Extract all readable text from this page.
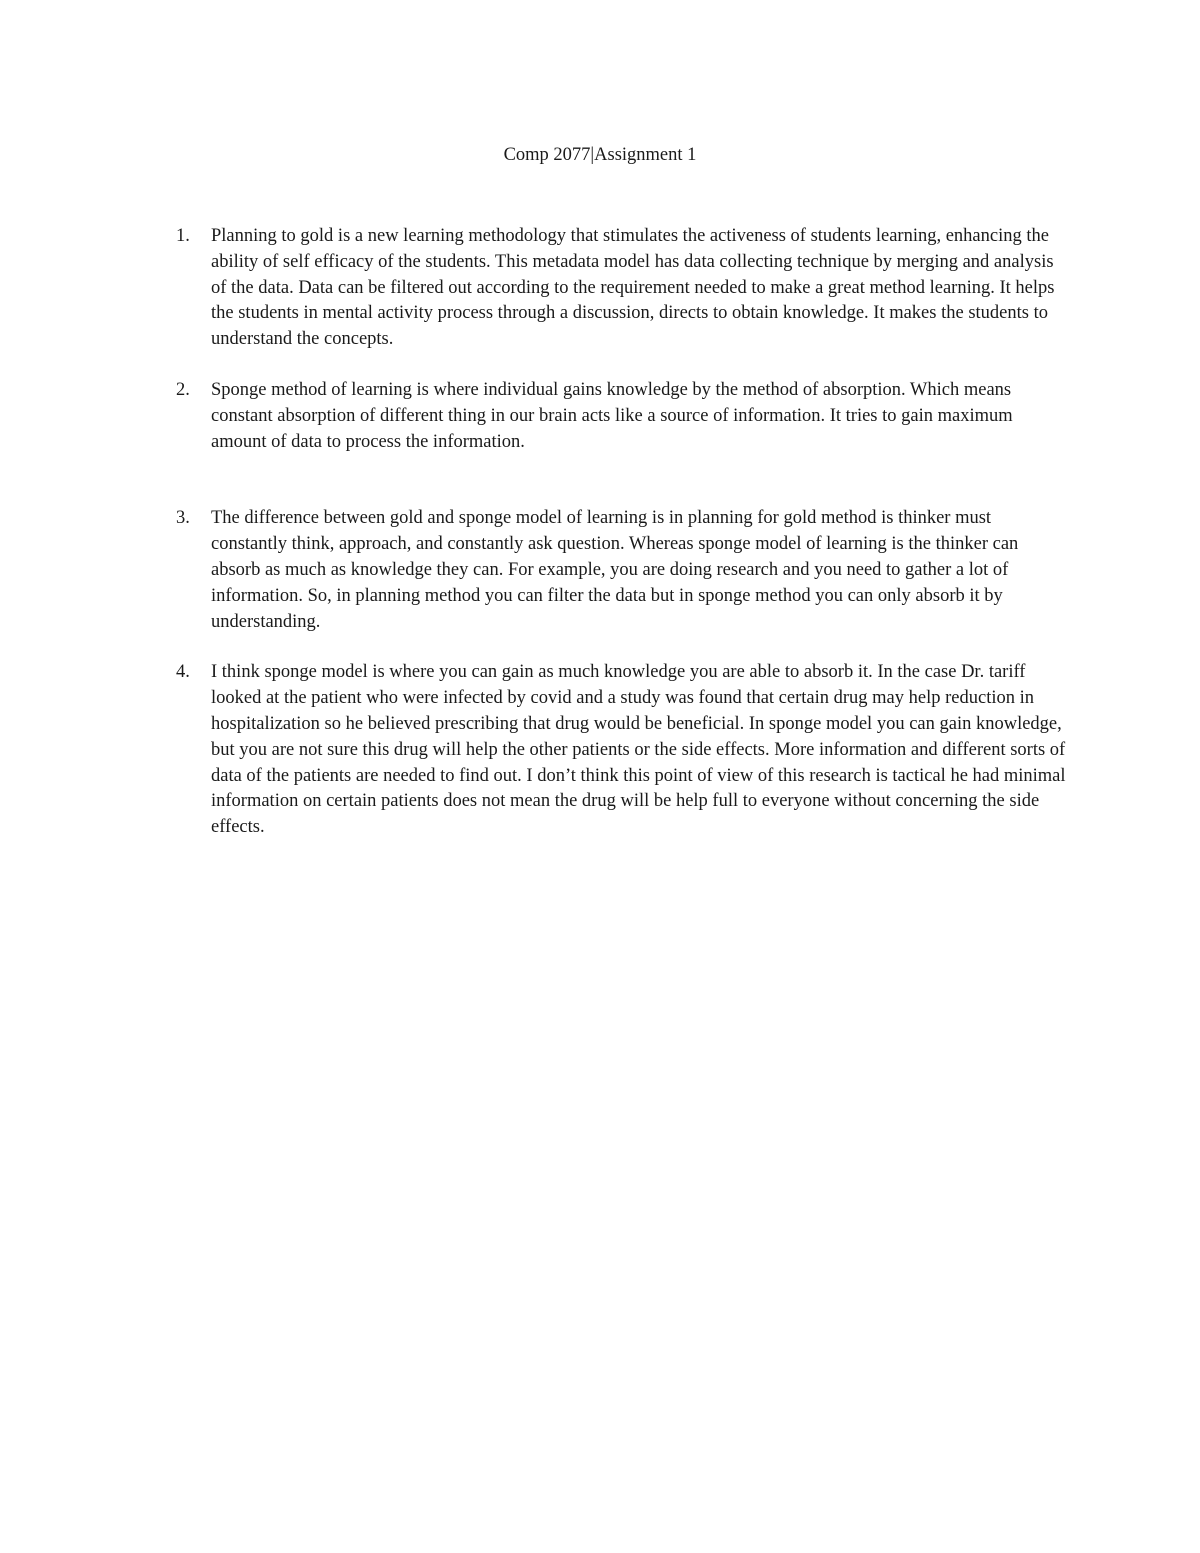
Comp 2077|Assignment 1
1. Planning to gold is a new learning methodology that stimulates the activeness of students learning, enhancing the ability of self efficacy of the students. This metadata model has data collecting technique by merging and analysis of the data. Data can be filtered out according to the requirement needed to make a great method learning. It helps the students in mental activity process through a discussion, directs to obtain knowledge. It makes the students to understand the concepts.
2. Sponge method of learning is where individual gains knowledge by the method of absorption. Which means constant absorption of different thing in our brain acts like a source of information. It tries to gain maximum amount of data to process the information.
3. The difference between gold and sponge model of learning is in planning for gold method is thinker must constantly think, approach, and constantly ask question. Whereas sponge model of learning is the thinker can absorb as much as knowledge they can. For example, you are doing research and you need to gather a lot of information. So, in planning method you can filter the data but in sponge method you can only absorb it by understanding.
4. I think sponge model is where you can gain as much knowledge you are able to absorb it. In the case Dr. tariff looked at the patient who were infected by covid and a study was found that certain drug may help reduction in hospitalization so he believed prescribing that drug would be beneficial. In sponge model you can gain knowledge, but you are not sure this drug will help the other patients or the side effects. More information and different sorts of data of the patients are needed to find out. I don’t think this point of view of this research is tactical he had minimal information on certain patients does not mean the drug will be help full to everyone without concerning the side effects.
